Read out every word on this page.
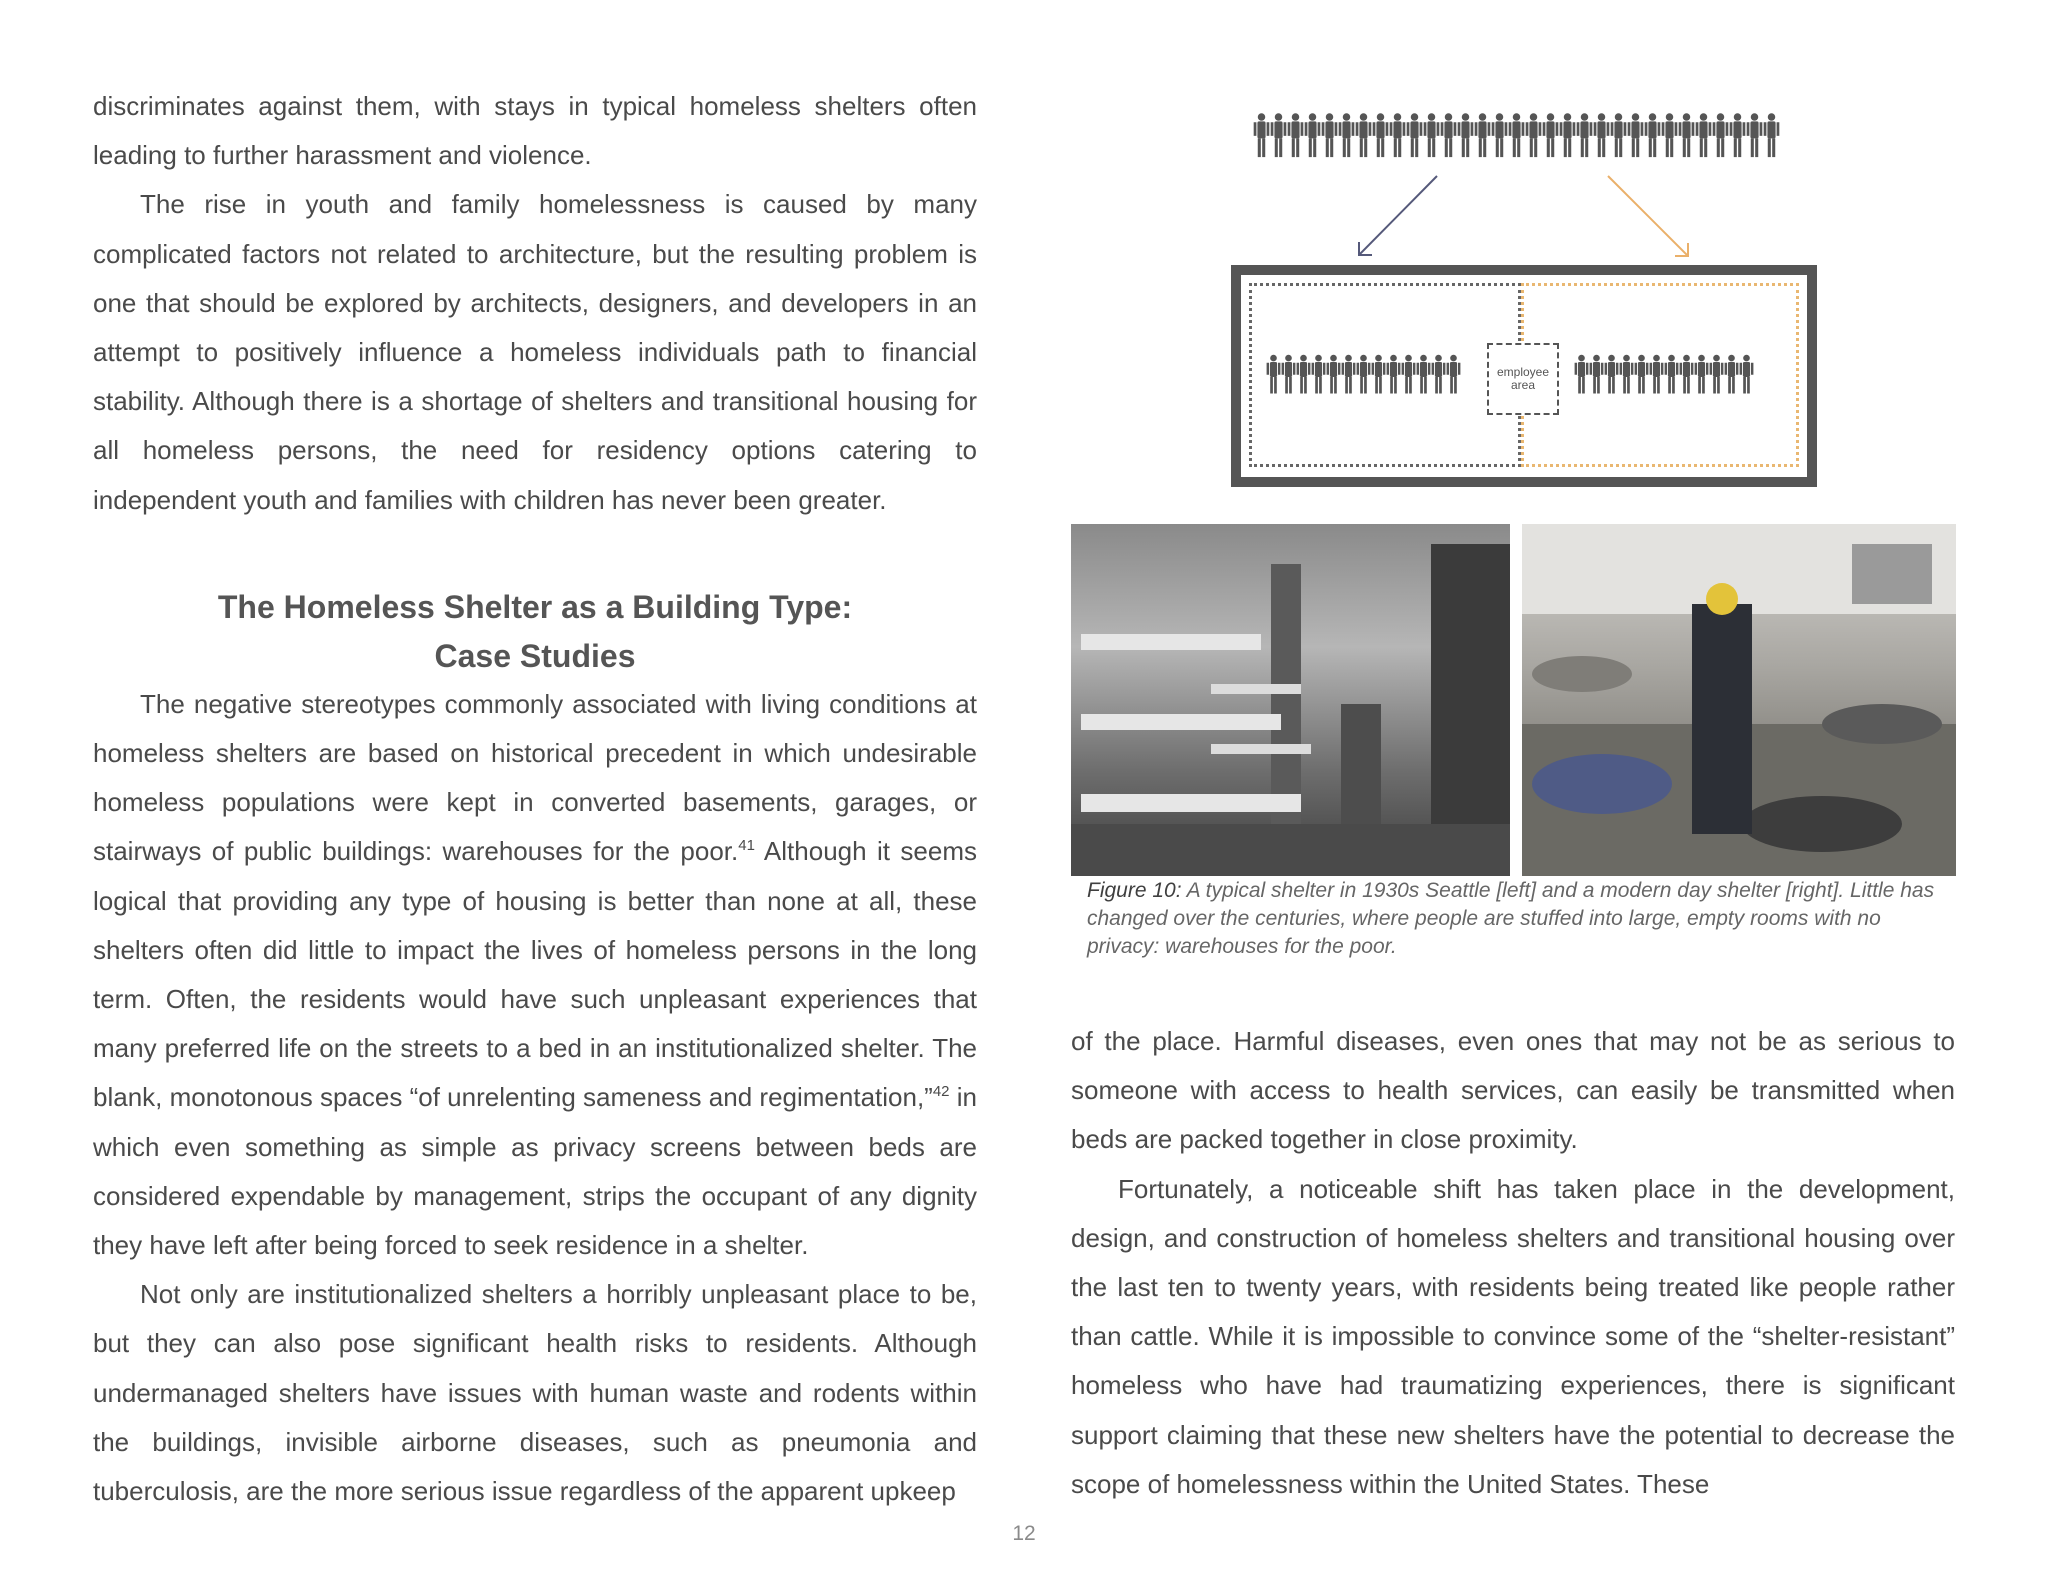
discriminates against them, with stays in typical homeless shelters often leading to further harassment and violence.

The rise in youth and family homelessness is caused by many complicated factors not related to architecture, but the resulting problem is one that should be explored by architects, designers, and developers in an attempt to positively influence a homeless individuals path to financial stability. Although there is a shortage of shelters and transitional housing for all homeless persons, the need for residency options catering to independent youth and families with children has never been greater.

The Homeless Shelter as a Building Type:
Case Studies

The negative stereotypes commonly associated with living conditions at homeless shelters are based on historical precedent in which undesirable homeless populations were kept in converted basements, garages, or stairways of public buildings: warehouses for the poor.$^{41}$ Although it seems logical that providing any type of housing is better than none at all, these shelters often did little to impact the lives of homeless persons in the long term. Often, the residents would have such unpleasant experiences that many preferred life on the streets to a bed in an institutionalized shelter. The blank, monotonous spaces “of unrelenting sameness and regimentation,”$^{42}$ in which even something as simple as privacy screens between beds are considered expendable by management, strips the occupant of any dignity they have left after being forced to seek residence in a shelter.

Not only are institutionalized shelters a horribly unpleasant place to be, but they can also pose significant health risks to residents. Although undermanaged shelters have issues with human waste and rodents within the buildings, invisible airborne diseases, such as pneumonia and tuberculosis, are the more serious issue regardless of the apparent upkeep

employee
area
Figure 10: A typical shelter in 1930s Seattle [left] and a modern day shelter [right]. Little has changed over the centuries, where people are stuffed into large, empty rooms with no privacy: warehouses for the poor.

of the place. Harmful diseases, even ones that may not be as serious to someone with access to health services, can easily be transmitted when beds are packed together in close proximity.

Fortunately, a noticeable shift has taken place in the development, design, and construction of homeless shelters and transitional housing over the last ten to twenty years, with residents being treated like people rather than cattle. While it is impossible to convince some of the “shelter-resistant” homeless who have had traumatizing experiences, there is significant support claiming that these new shelters have the potential to decrease the scope of homelessness within the United States. These

12
